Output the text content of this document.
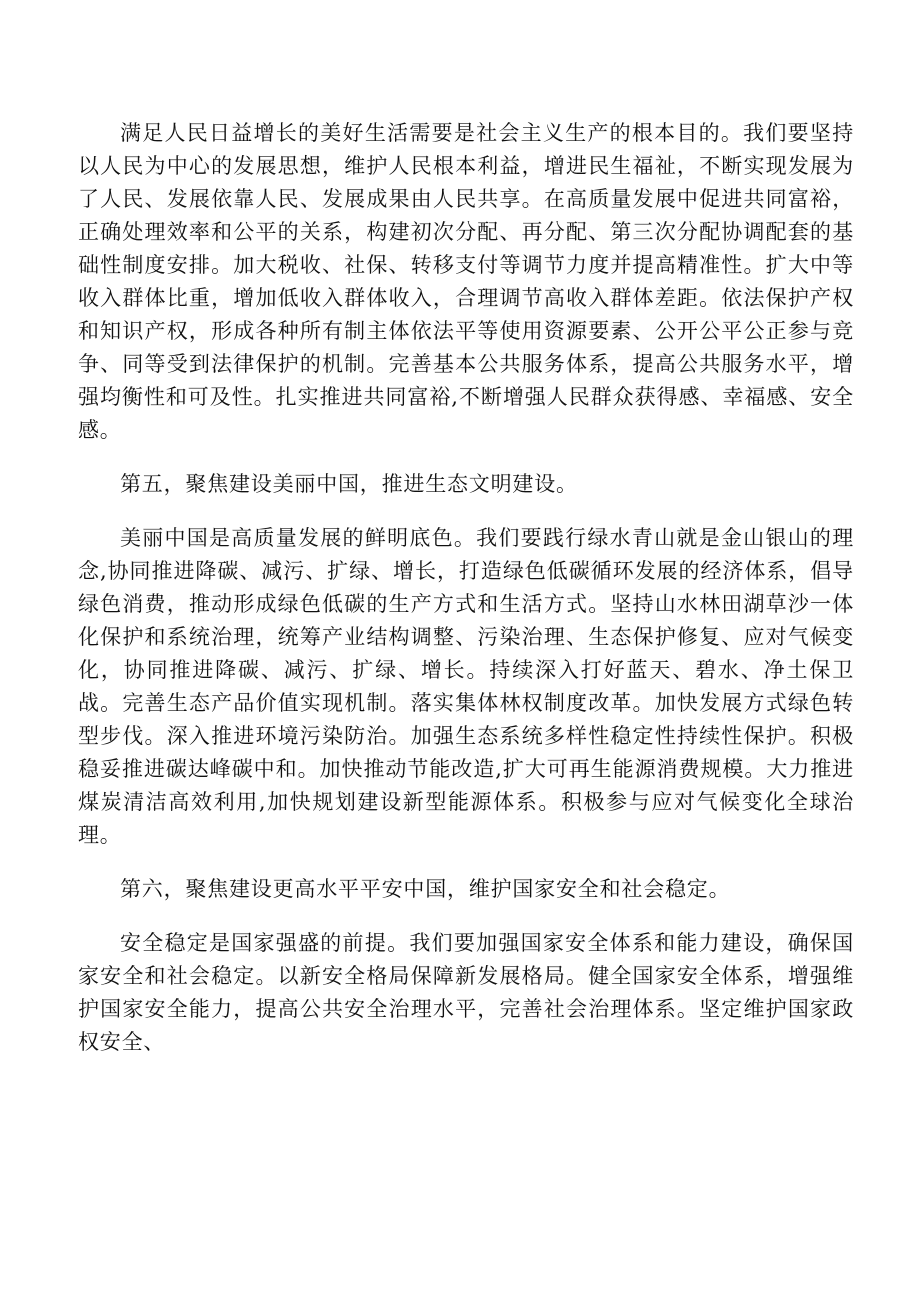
满足人民日益增长的美好生活需要是社会主义生产的根本目的。我们要坚持以人民为中心的发展思想，维护人民根本利益，增进民生福祉，不断实现发展为了人民、发展依靠人民、发展成果由人民共享。在高质量发展中促进共同富裕，正确处理效率和公平的关系，构建初次分配、再分配、第三次分配协调配套的基础性制度安排。加大税收、社保、转移支付等调节力度并提高精准性。扩大中等收入群体比重，增加低收入群体收入，合理调节高收入群体差距。依法保护产权和知识产权，形成各种所有制主体依法平等使用资源要素、公开公平公正参与竞争、同等受到法律保护的机制。完善基本公共服务体系，提高公共服务水平，增强均衡性和可及性。扎实推进共同富裕,不断增强人民群众获得感、幸福感、安全感。

第五，聚焦建设美丽中国，推进生态文明建设。

美丽中国是高质量发展的鲜明底色。我们要践行绿水青山就是金山银山的理念,协同推进降碳、减污、扩绿、增长，打造绿色低碳循环发展的经济体系，倡导绿色消费，推动形成绿色低碳的生产方式和生活方式。坚持山水林田湖草沙一体化保护和系统治理，统筹产业结构调整、污染治理、生态保护修复、应对气候变化，协同推进降碳、减污、扩绿、增长。持续深入打好蓝天、碧水、净土保卫战。完善生态产品价值实现机制。落实集体林权制度改革。加快发展方式绿色转型步伐。深入推进环境污染防治。加强生态系统多样性稳定性持续性保护。积极稳妥推进碳达峰碳中和。加快推动节能改造,扩大可再生能源消费规模。大力推进煤炭清洁高效利用,加快规划建设新型能源体系。积极参与应对气候变化全球治理。

第六，聚焦建设更高水平平安中国，维护国家安全和社会稳定。

安全稳定是国家强盛的前提。我们要加强国家安全体系和能力建设，确保国家安全和社会稳定。以新安全格局保障新发展格局。健全国家安全体系，增强维护国家安全能力，提高公共安全治理水平，完善社会治理体系。坚定维护国家政权安全、
